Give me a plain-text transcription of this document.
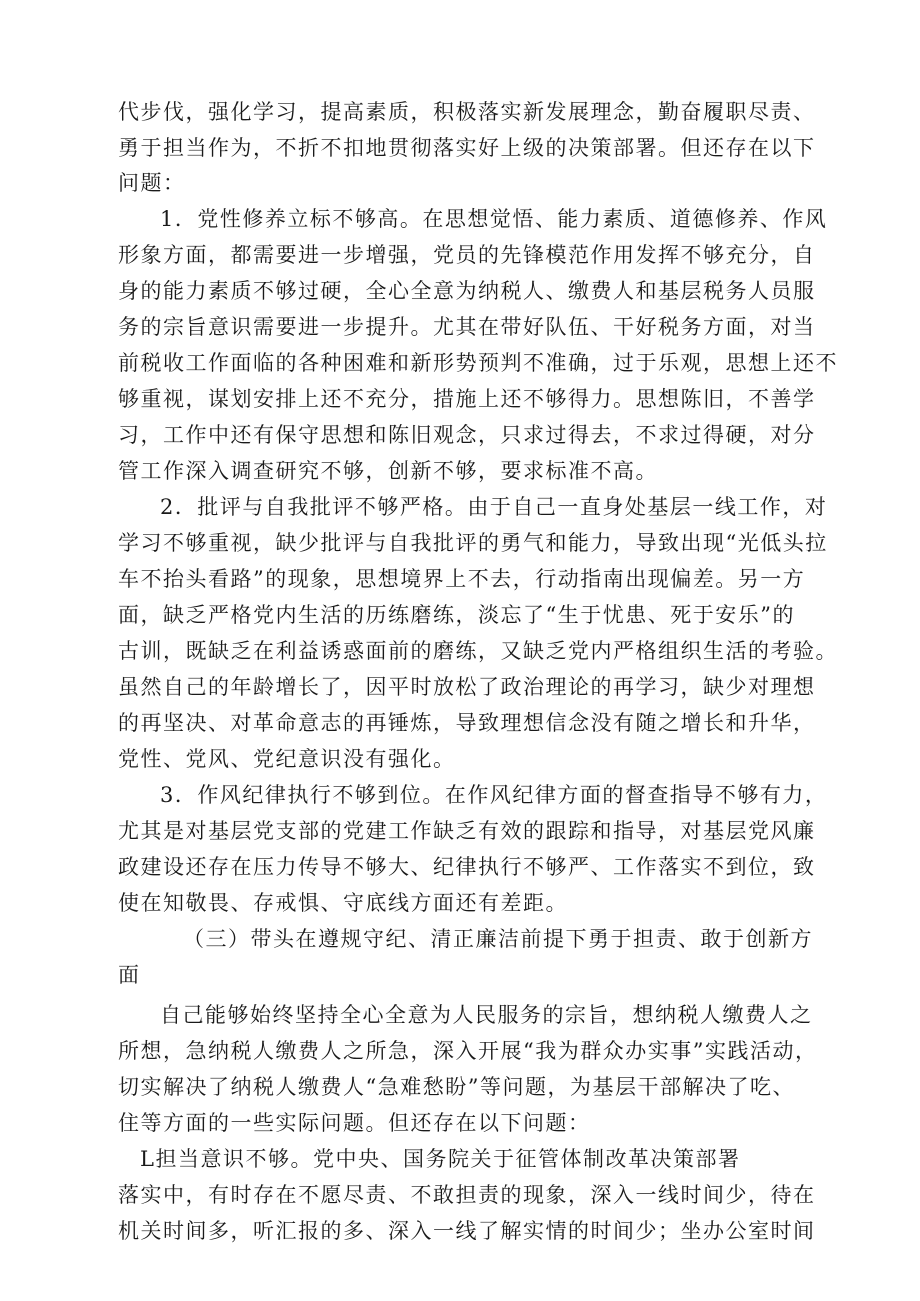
代步伐，强化学习，提高素质，积极落实新发展理念，勤奋履职尽责、
勇于担当作为，不折不扣地贯彻落实好上级的决策部署。但还存在以下
问题：
1．党性修养立标不够高。在思想觉悟、能力素质、道德修养、作风
形象方面，都需要进一步增强，党员的先锋模范作用发挥不够充分，自
身的能力素质不够过硬，全心全意为纳税人、缴费人和基层税务人员服
务的宗旨意识需要进一步提升。尤其在带好队伍、干好税务方面，对当
前税收工作面临的各种困难和新形势预判不准确，过于乐观，思想上还不
够重视，谋划安排上还不充分，措施上还不够得力。思想陈旧，不善学
习，工作中还有保守思想和陈旧观念，只求过得去，不求过得硬，对分
管工作深入调查研究不够，创新不够，要求标准不高。
2．批评与自我批评不够严格。由于自己一直身处基层一线工作，对
学习不够重视，缺少批评与自我批评的勇气和能力，导致出现“光低头拉
车不抬头看路”的现象，思想境界上不去，行动指南出现偏差。另一方
面，缺乏严格党内生活的历练磨练，淡忘了“生于忧患、死于安乐”的
古训，既缺乏在利益诱惑面前的磨练，又缺乏党内严格组织生活的考验。
虽然自己的年龄增长了，因平时放松了政治理论的再学习，缺少对理想
的再坚决、对革命意志的再锤炼，导致理想信念没有随之增长和升华，
党性、党风、党纪意识没有强化。
3．作风纪律执行不够到位。在作风纪律方面的督查指导不够有力，
尤其是对基层党支部的党建工作缺乏有效的跟踪和指导，对基层党风廉
政建设还存在压力传导不够大、纪律执行不够严、工作落实不到位，致
使在知敬畏、存戒惧、守底线方面还有差距。
（三）带头在遵规守纪、清正廉洁前提下勇于担责、敢于创新方
面
自己能够始终坚持全心全意为人民服务的宗旨，想纳税人缴费人之
所想，急纳税人缴费人之所急，深入开展“我为群众办实事”实践活动，
切实解决了纳税人缴费人“急难愁盼”等问题，为基层干部解决了吃、
住等方面的一些实际问题。但还存在以下问题：
L担当意识不够。党中央、国务院关于征管体制改革决策部署
落实中，有时存在不愿尽责、不敢担责的现象，深入一线时间少，待在
机关时间多，听汇报的多、深入一线了解实情的时间少；坐办公室时间
